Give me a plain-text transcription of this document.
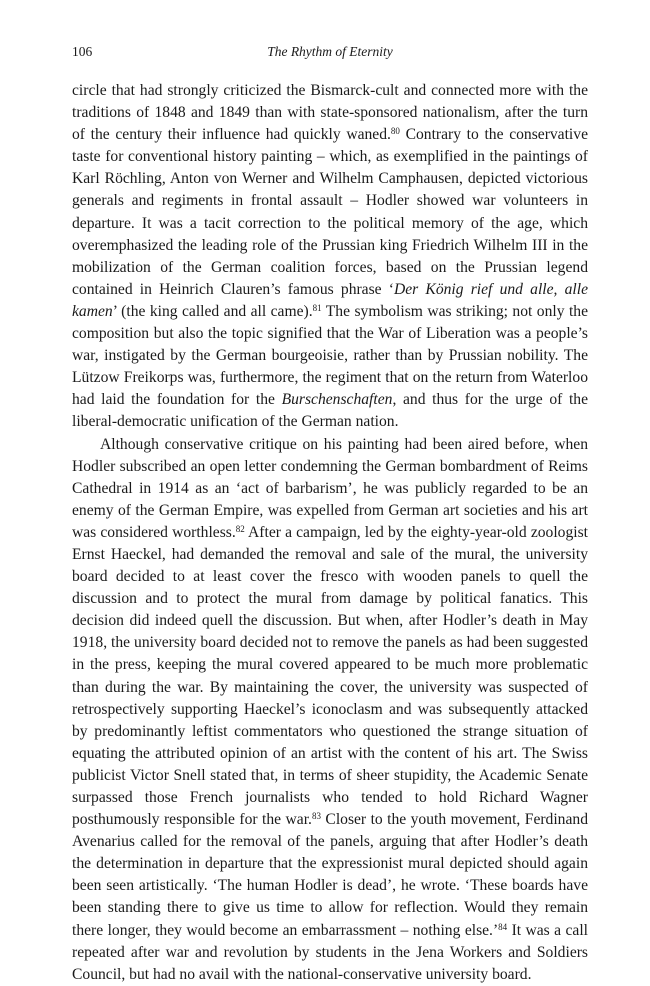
106	The Rhythm of Eternity

circle that had strongly criticized the Bismarck-cult and connected more with the traditions of 1848 and 1849 than with state-sponsored nationalism, after the turn of the century their influence had quickly waned.$^{80}$ Contrary to the conservative taste for conventional history painting – which, as exemplified in the paintings of Karl Röchling, Anton von Werner and Wilhelm Camphausen, depicted victorious generals and regiments in frontal assault – Hodler showed war volunteers in departure. It was a tacit correction to the political memory of the age, which overemphasized the leading role of the Prussian king Friedrich Wilhelm III in the mobilization of the German coalition forces, based on the Prussian legend contained in Heinrich Clauren’s famous phrase ‘Der König rief und alle, alle kamen’ (the king called and all came).$^{81}$ The symbolism was striking; not only the composition but also the topic signified that the War of Liberation was a people’s war, instigated by the German bourgeoisie, rather than by Prussian nobility. The Lützow Freikorps was, furthermore, the regiment that on the return from Waterloo had laid the foundation for the Burschenschaften, and thus for the urge of the liberal-democratic unification of the German nation.

Although conservative critique on his painting had been aired before, when Hodler subscribed an open letter condemning the German bombardment of Reims Cathedral in 1914 as an ‘act of barbarism’, he was publicly regarded to be an enemy of the German Empire, was expelled from German art societies and his art was considered worthless.$^{82}$ After a campaign, led by the eighty-year-old zoologist Ernst Haeckel, had demanded the removal and sale of the mural, the university board decided to at least cover the fresco with wooden panels to quell the discussion and to protect the mural from damage by political fanatics. This decision did indeed quell the discussion. But when, after Hodler’s death in May 1918, the university board decided not to remove the panels as had been suggested in the press, keeping the mural covered appeared to be much more problematic than during the war. By maintaining the cover, the university was suspected of retrospectively supporting Haeckel’s iconoclasm and was subsequently attacked by predominantly leftist commentators who questioned the strange situation of equating the attributed opinion of an artist with the content of his art. The Swiss publicist Victor Snell stated that, in terms of sheer stupidity, the Academic Senate surpassed those French journalists who tended to hold Richard Wagner posthumously responsible for the war.$^{83}$ Closer to the youth movement, Ferdinand Avenarius called for the removal of the panels, arguing that after Hodler’s death the determination in departure that the expressionist mural depicted should again been seen artistically. ‘The human Hodler is dead’, he wrote. ‘These boards have been standing there to give us time to allow for reflection. Would they remain there longer, they would become an embarrassment – nothing else.’$^{84}$ It was a call repeated after war and revolution by students in the Jena Workers and Soldiers Council, but had no avail with the national-conservative university board.
